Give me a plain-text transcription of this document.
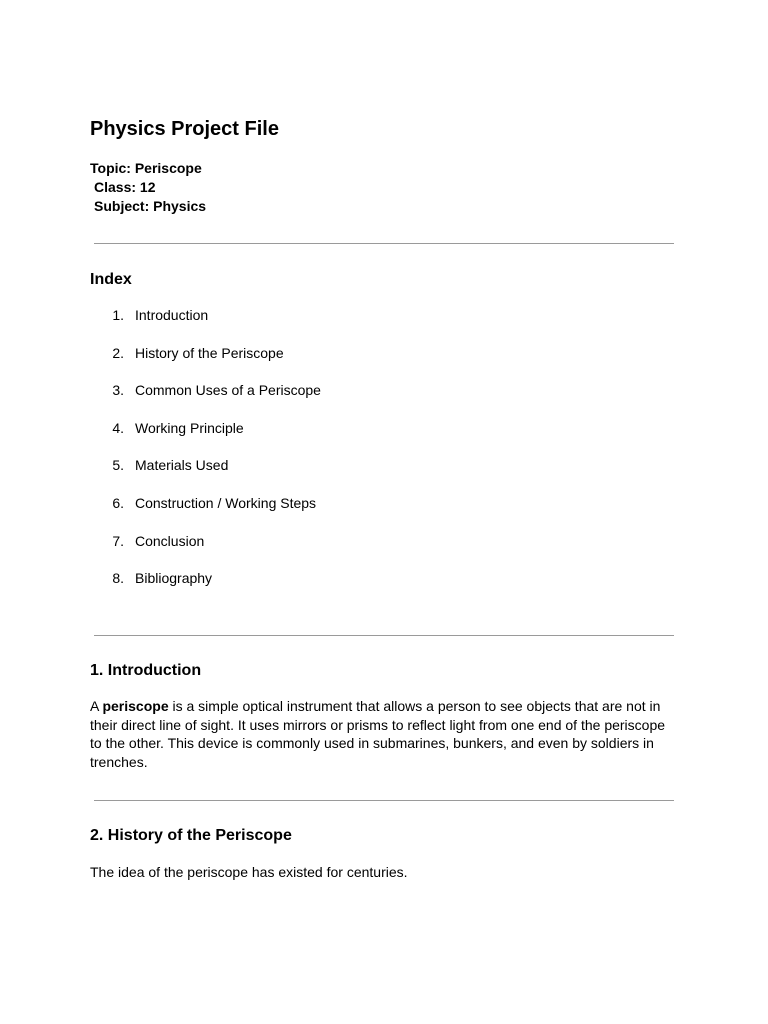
Physics Project File
Topic: Periscope
Class: 12
Subject: Physics
Index
1. Introduction
2. History of the Periscope
3. Common Uses of a Periscope
4. Working Principle
5. Materials Used
6. Construction / Working Steps
7. Conclusion
8. Bibliography
1. Introduction

A periscope is a simple optical instrument that allows a person to see objects that are not in their direct line of sight. It uses mirrors or prisms to reflect light from one end of the periscope to the other. This device is commonly used in submarines, bunkers, and even by soldiers in trenches.

2. History of the Periscope

The idea of the periscope has existed for centuries.
